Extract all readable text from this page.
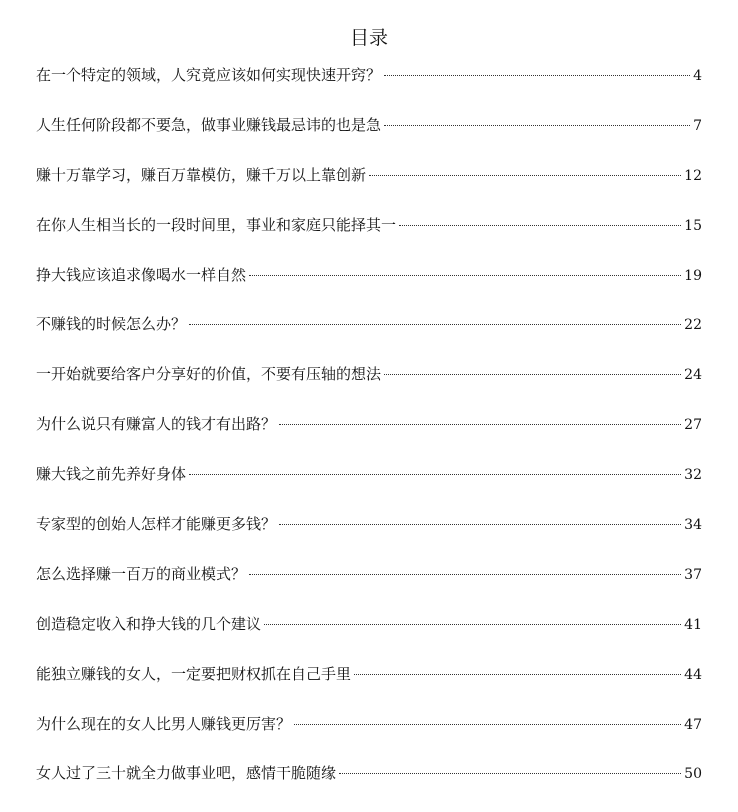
目录
在一个特定的领域，人究竟应该如何实现快速开窍？	4
人生任何阶段都不要急，做事业赚钱最忌讳的也是急	7
赚十万靠学习，赚百万靠模仿，赚千万以上靠创新	12
在你人生相当长的一段时间里，事业和家庭只能择其一	15
挣大钱应该追求像喝水一样自然	19
不赚钱的时候怎么办？	22
一开始就要给客户分享好的价值，不要有压轴的想法	24
为什么说只有赚富人的钱才有出路？	27
赚大钱之前先养好身体	32
专家型的创始人怎样才能赚更多钱？	34
怎么选择赚一百万的商业模式？	37
创造稳定收入和挣大钱的几个建议	41
能独立赚钱的女人，一定要把财权抓在自己手里	44
为什么现在的女人比男人赚钱更厉害？	47
女人过了三十就全力做事业吧，感情干脆随缘	50
